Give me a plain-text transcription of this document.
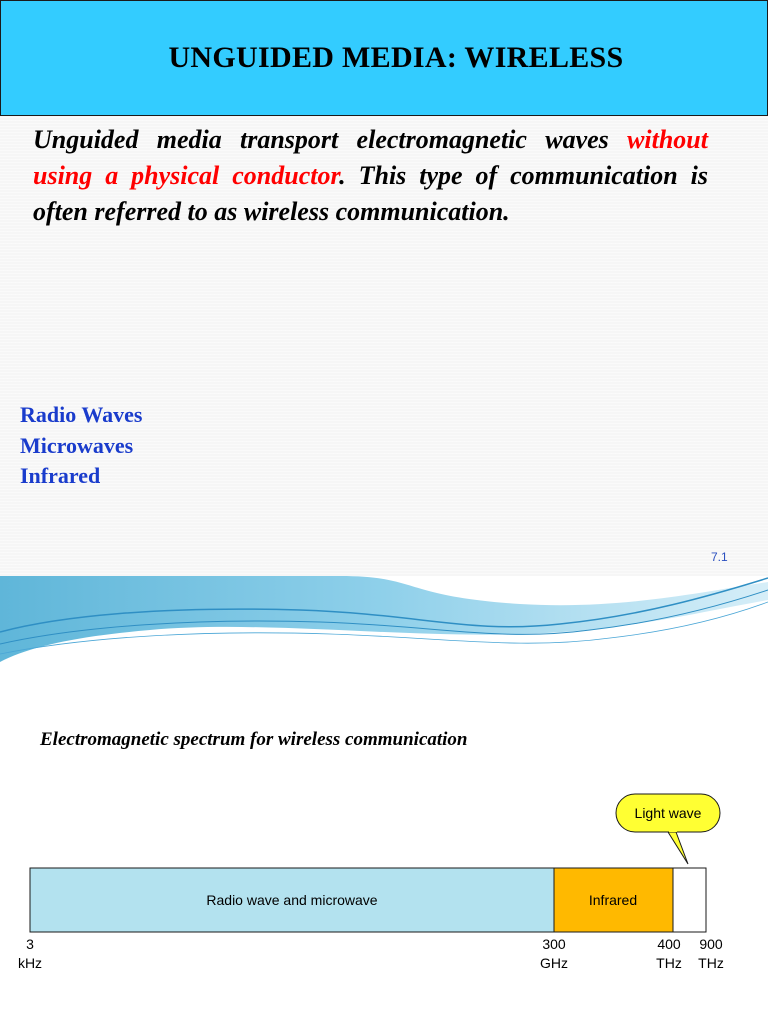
UNGUIDED MEDIA: WIRELESS

Unguided media transport electromagnetic waves without using a physical conductor. This type of communication is often referred to as wireless communication.

Radio Waves
Microwaves
Infrared
7.1
Electromagnetic spectrum for wireless communication
Radio wave and microwave	Infrared
Light wave
3
kHz
300
GHz
400
THz
900
THz
